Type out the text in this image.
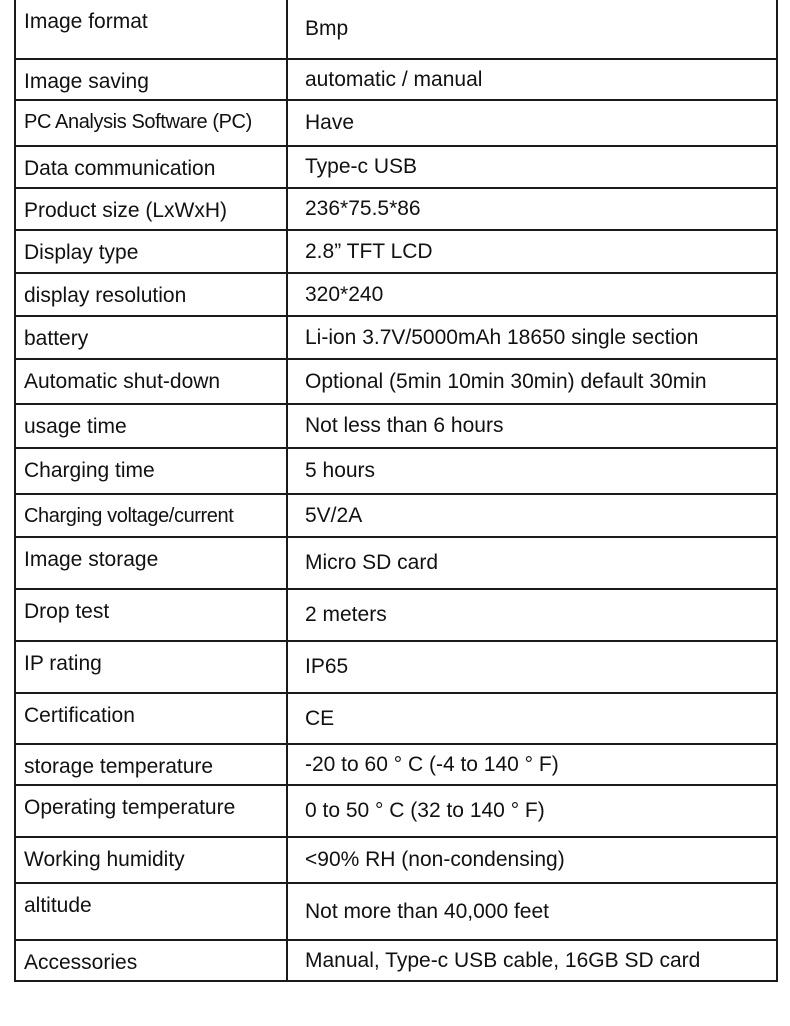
Image format	Bmp
Image saving	automatic / manual
PC Analysis Software (PC)	Have
Data communication	Type-c USB
Product size (LxWxH)	236*75.5*86
Display type	2.8” TFT LCD
display resolution	320*240
battery	Li-ion 3.7V/5000mAh 18650 single section
Automatic shut-down	Optional (5min 10min 30min) default 30min
usage time	Not less than 6 hours
Charging time	5 hours
Charging voltage/current	5V/2A
Image storage	Micro SD card
Drop test	2 meters
IP rating	IP65
Certification	CE
storage temperature	-20 to 60 ° C (-4 to 140 ° F)
Operating temperature	0 to 50 ° C (32 to 140 ° F)
Working humidity	<90% RH (non-condensing)
altitude	Not more than 40,000 feet
Accessories	Manual, Type-c USB cable, 16GB SD card
